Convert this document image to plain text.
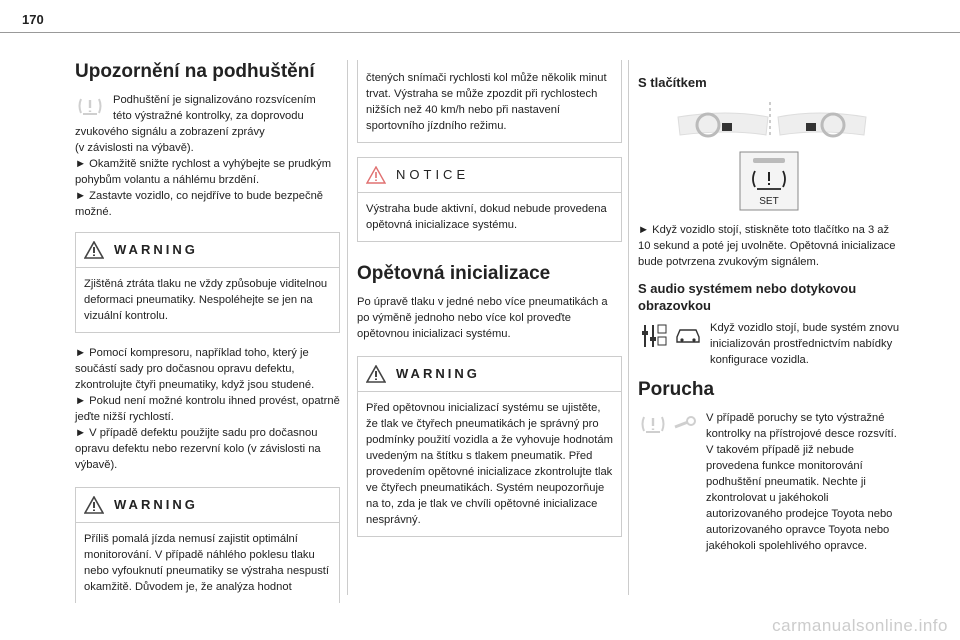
170
Upozornění na podhuštění

Podhuštění je signalizováno rozsvícením

této výstražné kontrolky, za doprovodu

zvukového signálu a zobrazení zprávy

(v závislosti na výbavě).

► Okamžitě snižte rychlost a vyhýbejte se prudkým pohybům volantu a náhlému brzdění.

► Zastavte vozidlo, co nejdříve to bude bezpečně možné.

WARNING
Zjištěná ztráta tlaku ne vždy způsobuje viditelnou deformaci pneumatiky. Nespoléhejte se jen na vizuální kontrolu.

► Pomocí kompresoru, například toho, který je součástí sady pro dočasnou opravu defektu, zkontrolujte čtyři pneumatiky, když jsou studené.

► Pokud není možné kontrolu ihned provést, opatrně jeďte nižší rychlostí.

► V případě defektu použijte sadu pro dočasnou opravu defektu nebo rezervní kolo (v závislosti na výbavě).

WARNING
Příliš pomalá jízda nemusí zajistit optimální monitorování. V případě náhlého poklesu tlaku nebo vyfouknutí pneumatiky se výstraha nespustí okamžitě. Důvodem je, že analýza hodnot

čtených snímači rychlosti kol může několik minut trvat. Výstraha se může zpozdit při rychlostech nižších než 40 km/h nebo při nastavení sportovního jízdního režimu.

NOTICE
Výstraha bude aktivní, dokud nebude provedena opětovná inicializace systému.
Opětovná inicializace

Po úpravě tlaku v jedné nebo více pneumatikách a po výměně jednoho nebo více kol proveďte opětovnou inicializaci systému.

WARNING
Před opětovnou inicializací systému se ujistěte, že tlak ve čtyřech pneumatikách je správný pro podmínky použití vozidla a že vyhovuje hodnotám uvedeným na štítku s tlakem pneumatik. Před provedením opětovné inicializace zkontrolujte tlak ve čtyřech pneumatikách. Systém neupozorňuje na to, zda je tlak ve chvíli opětovné inicializace nesprávný.
S tlačítkem
SET

► Když vozidlo stojí, stiskněte toto tlačítko na 3 až 10 sekund a poté jej uvolněte. Opětovná inicializace bude potvrzena zvukovým signálem.

S audio systémem nebo dotykovou obrazovkou

Když vozidlo stojí, bude systém znovu inicializován prostřednictvím nabídky konfigurace vozidla.

Porucha

V případě poruchy se tyto výstražné kontrolky na přístrojové desce rozsvítí. V takovém případě již nebude provedena funkce monitorování podhuštění pneumatik. Nechte ji zkontrolovat u jakéhokoli autorizovaného prodejce Toyota nebo autorizovaného opravce Toyota nebo jakéhokoli spolehlivého opravce.

carmanualsonline.info
